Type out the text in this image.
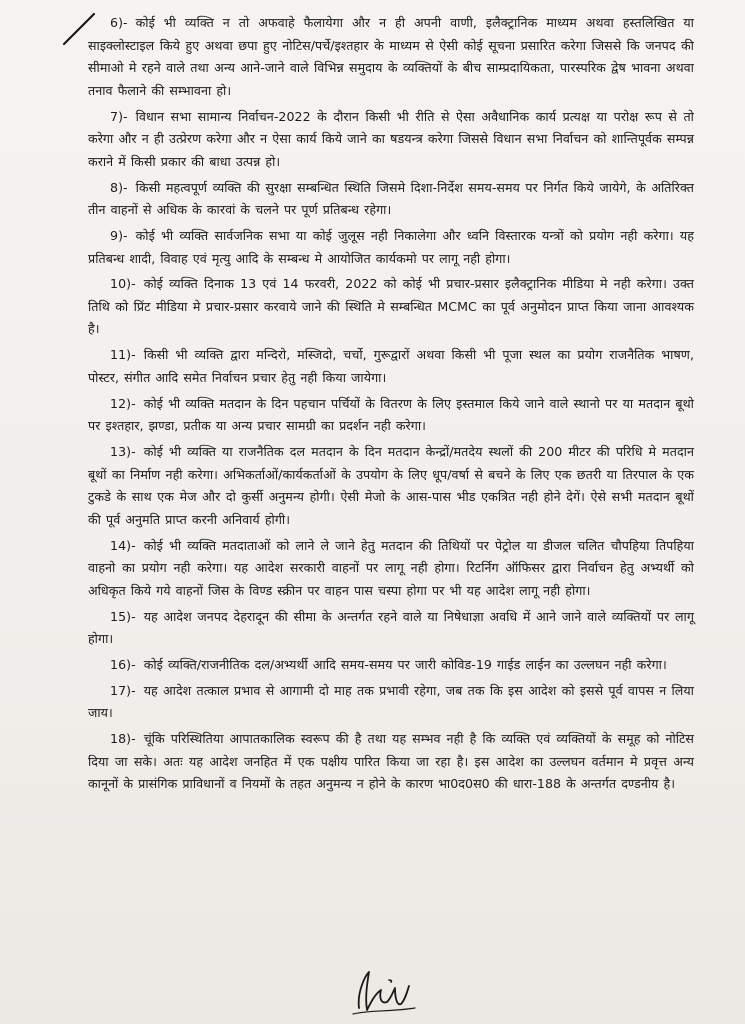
6)- कोई भी व्यक्ति न तो अफवाहे फैलायेगा और न ही अपनी वाणी, इलैक्ट्रानिक माध्यम अथवा हस्तलिखित या साइक्लोस्टाइल किये हुए अथवा छपा हुए नोटिस/पर्चे/इश्तहार के माध्यम से ऐसी कोई सूचना प्रसारित करेगा जिससे कि जनपद की सीमाओ मे रहने वाले तथा अन्य आने-जाने वाले विभिन्न समुदाय के व्यक्तियों के बीच साम्प्रदायिकता, पारस्परिक द्वेष भावना अथवा तनाव फैलाने की सम्भावना हो।

7)- विधान सभा सामान्य निर्वाचन-2022 के दौरान किसी भी रीति से ऐसा अवैधानिक कार्य प्रत्यक्ष या परोक्ष रूप से तो करेगा और न ही उत्प्रेरण करेगा और न ऐसा कार्य किये जाने का षडयन्त्र करेगा जिससे विधान सभा निर्वाचन को शान्तिपूर्वक सम्पन्न कराने में किसी प्रकार की बाधा उत्पन्न हो।

8)- किसी महत्वपूर्ण व्यक्ति की सुरक्षा सम्बन्धित स्थिति जिसमे दिशा-निर्देश समय-समय पर निर्गत किये जायेगे, के अतिरिक्त तीन वाहनों से अधिक के कारवां के चलने पर पूर्ण प्रतिबन्ध रहेगा।

9)- कोई भी व्यक्ति सार्वजनिक सभा या कोई जुलूस नही निकालेगा और ध्वनि विस्तारक यन्त्रों को प्रयोग नही करेगा। यह प्रतिबन्ध शादी, विवाह एवं मृत्यु आदि के सम्बन्ध मे आयोजित कार्यकमो पर लागू नही होगा।

10)- कोई व्यक्ति दिनाक 13 एवं 14 फरवरी, 2022 को कोई भी प्रचार-प्रसार इलैक्ट्रानिक मीडिया मे नही करेगा। उक्त तिथि को प्रिंट मीडिया मे प्रचार-प्रसार करवाये जाने की स्थिति मे सम्बन्धित MCMC का पूर्व अनुमोदन प्राप्त किया जाना आवश्यक है।

11)- किसी भी व्यक्ति द्वारा मन्दिरो, मस्जिदो, चर्चो, गुरूद्वारों अथवा किसी भी पूजा स्थल का प्रयोग राजनैतिक भाषण, पोस्टर, संगीत आदि समेत निर्वाचन प्रचार हेतु नही किया जायेगा।

12)- कोई भी व्यक्ति मतदान के दिन पहचान पर्चियों के वितरण के लिए इस्तमाल किये जाने वाले स्थानो पर या मतदान बूथो पर इश्तहार, झण्डा, प्रतीक या अन्य प्रचार सामग्री का प्रदर्शन नही करेगा।

13)- कोई भी व्यक्ति या राजनैतिक दल मतदान के दिन मतदान केन्द्रों/मतदेय स्थलों की 200 मीटर की परिधि मे मतदान बूथों का निर्माण नही करेगा। अभिकर्ताओं/कार्यकर्ताओं के उपयोग के लिए धूप/वर्षा से बचने के लिए एक छतरी या तिरपाल के एक टुकडे के साथ एक मेज और दो कुर्सी अनुमन्य होगी। ऐसी मेजो के आस-पास भीड एकत्रित नही होने देगें। ऐसे सभी मतदान बूथों की पूर्व अनुमति प्राप्त करनी अनिवार्य होगी।

14)- कोई भी व्यक्ति मतदाताओं को लाने ले जाने हेतु मतदान की तिथियों पर पेट्रोल या डीजल चलित चौपहिया तिपहिया वाहनो का प्रयोग नही करेगा। यह आदेश सरकारी वाहनों पर लागू नही होगा। रिटर्निग ऑफिसर द्वारा निर्वाचन हेतु अभ्यर्थी को अधिकृत किये गये वाहनों जिस के विण्ड स्क्रीन पर वाहन पास चस्पा होगा पर भी यह आदेश लागू नही होगा।

15)- यह आदेश जनपद देहरादून की सीमा के अन्तर्गत रहने वाले या निषेधाज्ञा अवधि में आने जाने वाले व्यक्तियों पर लागू होगा।

16)- कोई व्यक्ति/राजनीतिक दल/अभ्यर्थी आदि समय-समय पर जारी कोविड-19 गाईड लाईन का उल्लघन नही करेगा।

17)- यह आदेश तत्काल प्रभाव से आगामी दो माह तक प्रभावी रहेगा, जब तक कि इस आदेश को इससे पूर्व वापस न लिया जाय।

18)- चूंकि परिस्थितिया आपातकालिक स्वरूप की है तथा यह सम्भव नही है कि व्यक्ति एवं व्यक्तियों के समूह को नोटिस दिया जा सके। अतः यह आदेश जनहित में एक पक्षीय पारित किया जा रहा है। इस आदेश का उल्लघन वर्तमान मे प्रवृत्त अन्य कानूनों के प्रासंगिक प्राविधानों व नियमों के तहत अनुमन्य न होने के कारण भा0द0स0 की धारा-188 के अन्तर्गत दण्डनीय है।
